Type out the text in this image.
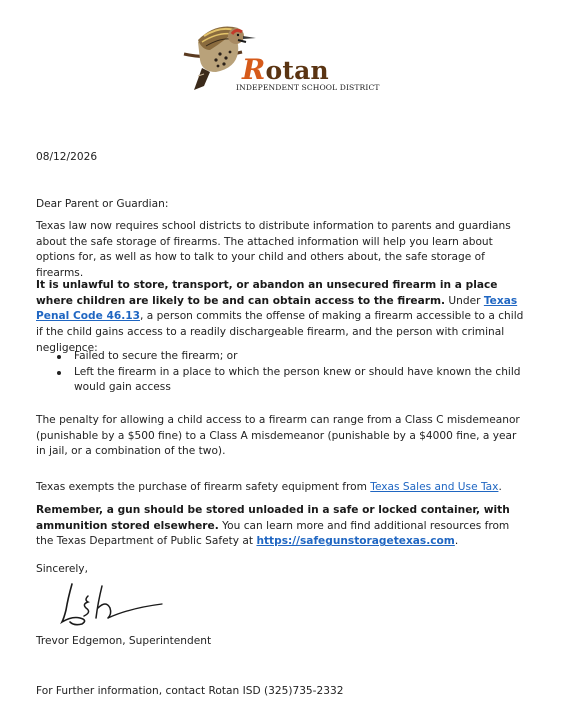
Rotan
INDEPENDENT SCHOOL DISTRICT
08/12/2026
Dear Parent or Guardian:
Texas law now requires school districts to distribute information to parents and guardians about the safe storage of firearms. The attached information will help you learn about options for, as well as how to talk to your child and others about, the safe storage of firearms.
It is unlawful to store, transport, or abandon an unsecured firearm in a place where children are likely to be and can obtain access to the firearm. Under Texas Penal Code 46.13, a person commits the offense of making a firearm accessible to a child if the child gains access to a readily dischargeable firearm, and the person with criminal negligence:
Failed to secure the firearm; or
Left the firearm in a place to which the person knew or should have known the child would gain access
The penalty for allowing a child access to a firearm can range from a Class C misdemeanor (punishable by a $500 fine) to a Class A misdemeanor (punishable by a $4000 fine, a year in jail, or a combination of the two).
Texas exempts the purchase of firearm safety equipment from Texas Sales and Use Tax.
Remember, a gun should be stored unloaded in a safe or locked container, with ammunition stored elsewhere. You can learn more and find additional resources from the Texas Department of Public Safety at https://safegunstoragetexas.com.
Sincerely,
Trevor Edgemon, Superintendent
For Further information, contact Rotan ISD (325)735-2332
